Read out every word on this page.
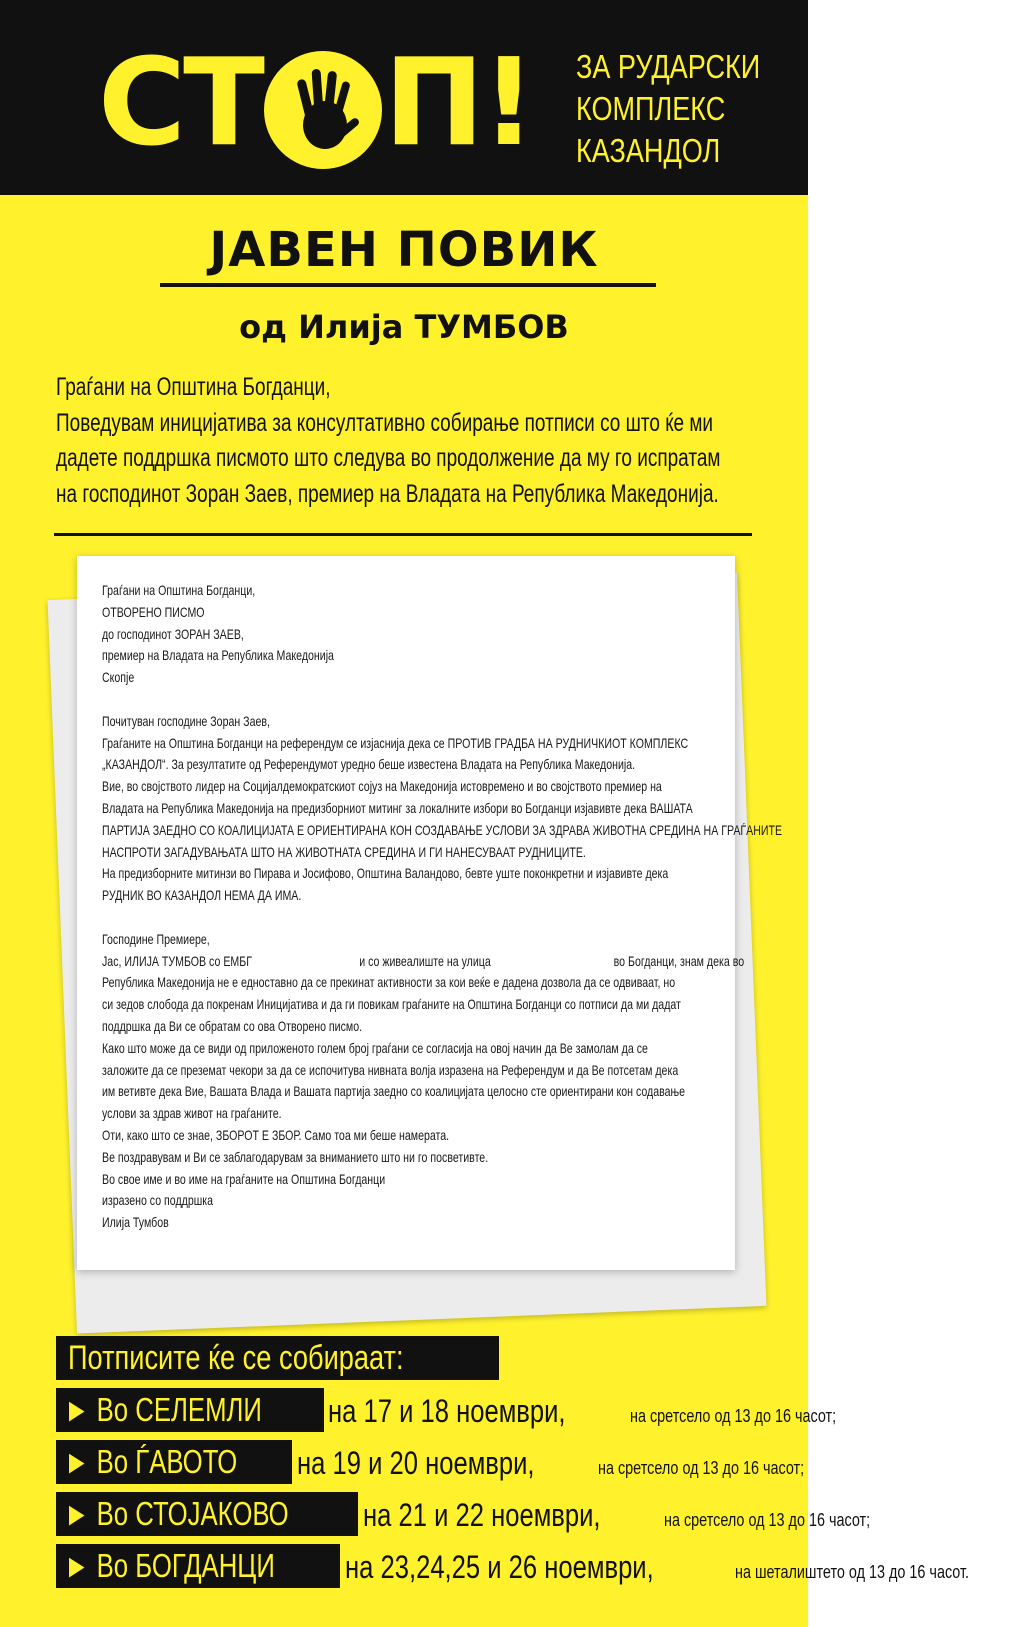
СТ П! ЗА РУДАРСКИ
КОМПЛЕКС
КАЗАНДОЛ
ЈАВЕН ПОВИК
од Илија ТУМБОВ
Граѓани на Општина Богданци,
Поведувам иницијатива за консултативно собирање потписи со што ќе ми
дадете поддршка писмото што следува во продолжение да му го испратам
на господинот Зоран Заев, премиер на Владата на Република Македонија.
Граѓани на Општина Богданци,
ОТВОРЕНО ПИСМО
до господинот ЗОРАН ЗАЕВ,
премиер на Владата на Република Македонија
Скопје
Почитуван господине Зоран Заев,
Граѓаните на Општина Богданци на референдум се изјаснија дека се ПРОТИВ ГРАДБА НА РУДНИЧКИОТ КОМПЛЕКС
„КАЗАНДОЛ“. За резултатите од Референдумот уредно беше известена Владата на Република Македонија.
Вие, во својството лидер на Социјалдемократскиот сојуз на Македонија истовремено и во својството премиер на
Владата на Република Македонија на предизборниот митинг за локалните избори во Богданци изјавивте дека ВАШАТА
ПАРТИЈА ЗАЕДНО СО КОАЛИЦИЈАТА Е ОРИЕНТИРАНА КОН СОЗДАВАЊЕ УСЛОВИ ЗА ЗДРАВА ЖИВОТНА СРЕДИНА НА ГРАЃАНИТЕ
НАСПРОТИ ЗАГАДУВАЊАТА ШТО НА ЖИВОТНАТА СРЕДИНА И ГИ НАНЕСУВААТ РУДНИЦИТЕ.
На предизборните митинзи во Пирава и Јосифово, Општина Валандово, бевте уште поконкретни и изјавивте дека
РУДНИК ВО КАЗАНДОЛ НЕМА ДА ИМА.
Господине Премиере,
Јас, ИЛИЈА ТУМБОВ со ЕМБГ	и со живеалиште на улица	во Богданци, знам дека во
Република Македонија не е едноставно да се прекинат активности за кои веќе е дадена дозвола да се одвиваат, но
си зедов слобода да покренам Иницијатива и да ги повикам граѓаните на Општина Богданци со потписи да ми дадат
поддршка да Ви се обратам со ова Отворено писмо.
Како што може да се види од приложеното голем број граѓани се согласија на овој начин да Ве замолам да се
заложите да се преземат чекори за да се испочитува нивната волја изразена на Референдум и да Ве потсетам дека
им ветивте дека Вие, Вашата Влада и Вашата партија заедно со коалицијата целосно сте ориентирани кон содавање
услови за здрав живот на граѓаните.
Оти, како што се знае, ЗБОРОТ Е ЗБОР. Само тоа ми беше намерата.
Ве поздравувам и Ви се заблагодарувам за вниманието што ни го посветивте.
Во свое име и во име на граѓаните на Општина Богданци
изразено со поддршка
Илија Тумбов
Потписите ќе се собираат:
► Во СЕЛЕМЛИ на 17 и 18 ноември,	на сретсело од 13 до 16 часот;
► Во ЃАВОТО на 19 и 20 ноември,	на сретсело од 13 до 16 часот;
► Во СТОЈАКОВО на 21 и 22 ноември,	на сретсело од 13 до 16 часот;
► Во БОГДАНЦИ на 23,24,25 и 26 ноември,	на шеталиштето од 13 до 16 часот.
